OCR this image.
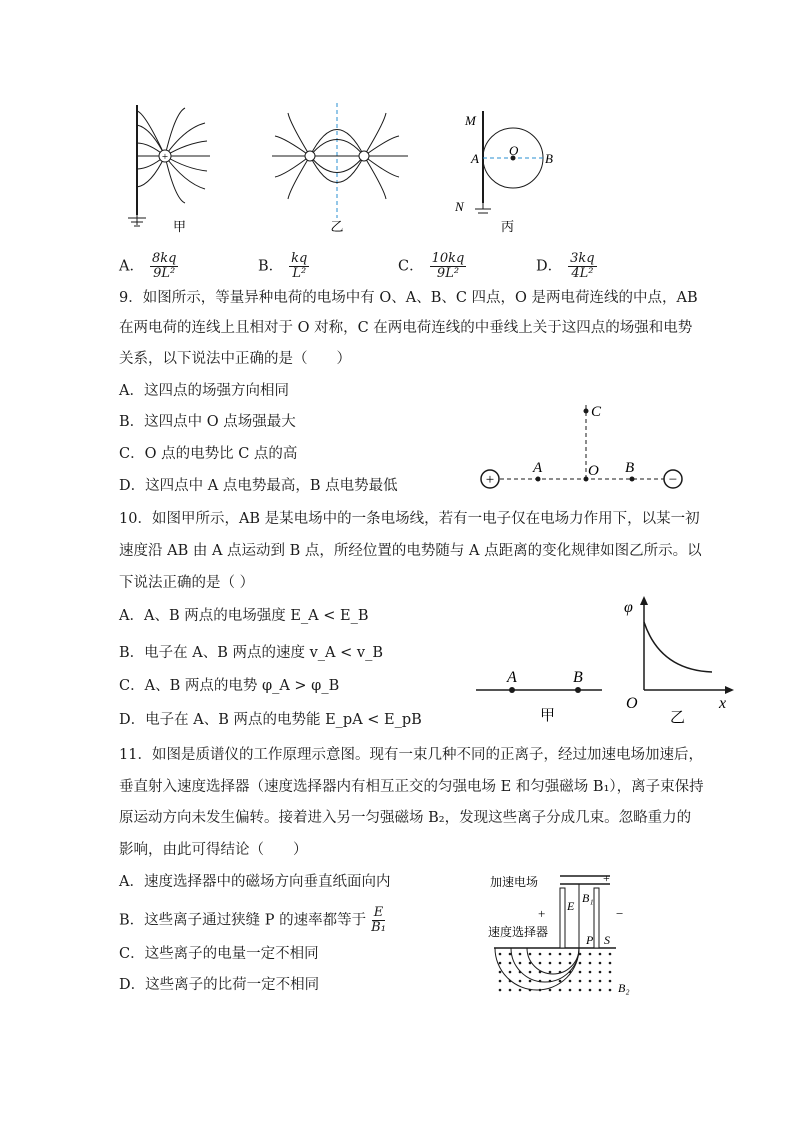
+
甲	乙
M
A
O
B
N
丙
A． $\frac{8kq}{\text{9L²}}$	B． $\frac{kq}{\text{L²}}$	C． $\frac{10kq}{\text{9L²}}$	D． $\frac{3kq}{\text{4L²}}$
9．如图所示，等量异种电荷的电场中有 O、A、B、C 四点，O 是两电荷连线的中点，AB
在两电荷的连线上且相对于 O 对称，C 在两电荷连线的中垂线上关于这四点的场强和电势
关系，以下说法中正确的是（　　）
A．这四点的场强方向相同
B．这四点中 O 点场强最大
C．O 点的电势比 C 点的高
D．这四点中 A 点电势最高，B 点电势最低	+	−
A	O B
C
10．如图甲所示，AB 是某电场中的一条电场线，若有一电子仅在电场力作用下，以某一初
速度沿 AB 由 A 点运动到 B 点，所经位置的电势随与 A 点距离的变化规律如图乙所示。以
下说法正确的是（ ）
A．A、B 两点的电场强度 E_A < E_B
B．电子在 A、B 两点的速度 v_A < v_B
C．A、B 两点的电势 φ_A > φ_B
D．电子在 A、B 两点的电势能 E_pA < E_pB
A	B
甲
φ
O	x
乙
11．如图是质谱仪的工作原理示意图。现有一束几种不同的正离子，经过加速电场加速后，
垂直射入速度选择器（速度选择器内有相互正交的匀强电场 E 和匀强磁场 B₁），离子束保持
原运动方向未发生偏转。接着进入另一匀强磁场 B₂，发现这些离子分成几束。忽略重力的
影响，由此可得结论（　　）
A．速度选择器中的磁场方向垂直纸面向内
B．这些离子通过狭缝 P 的速率都等于 $\frac{E}{\text{B₁}}$
C．这些离子的电量一定不相同
D．这些离子的比荷一定不相同
加速电场	+
+	−
E
B₁
P S
速度选择器
B₂
